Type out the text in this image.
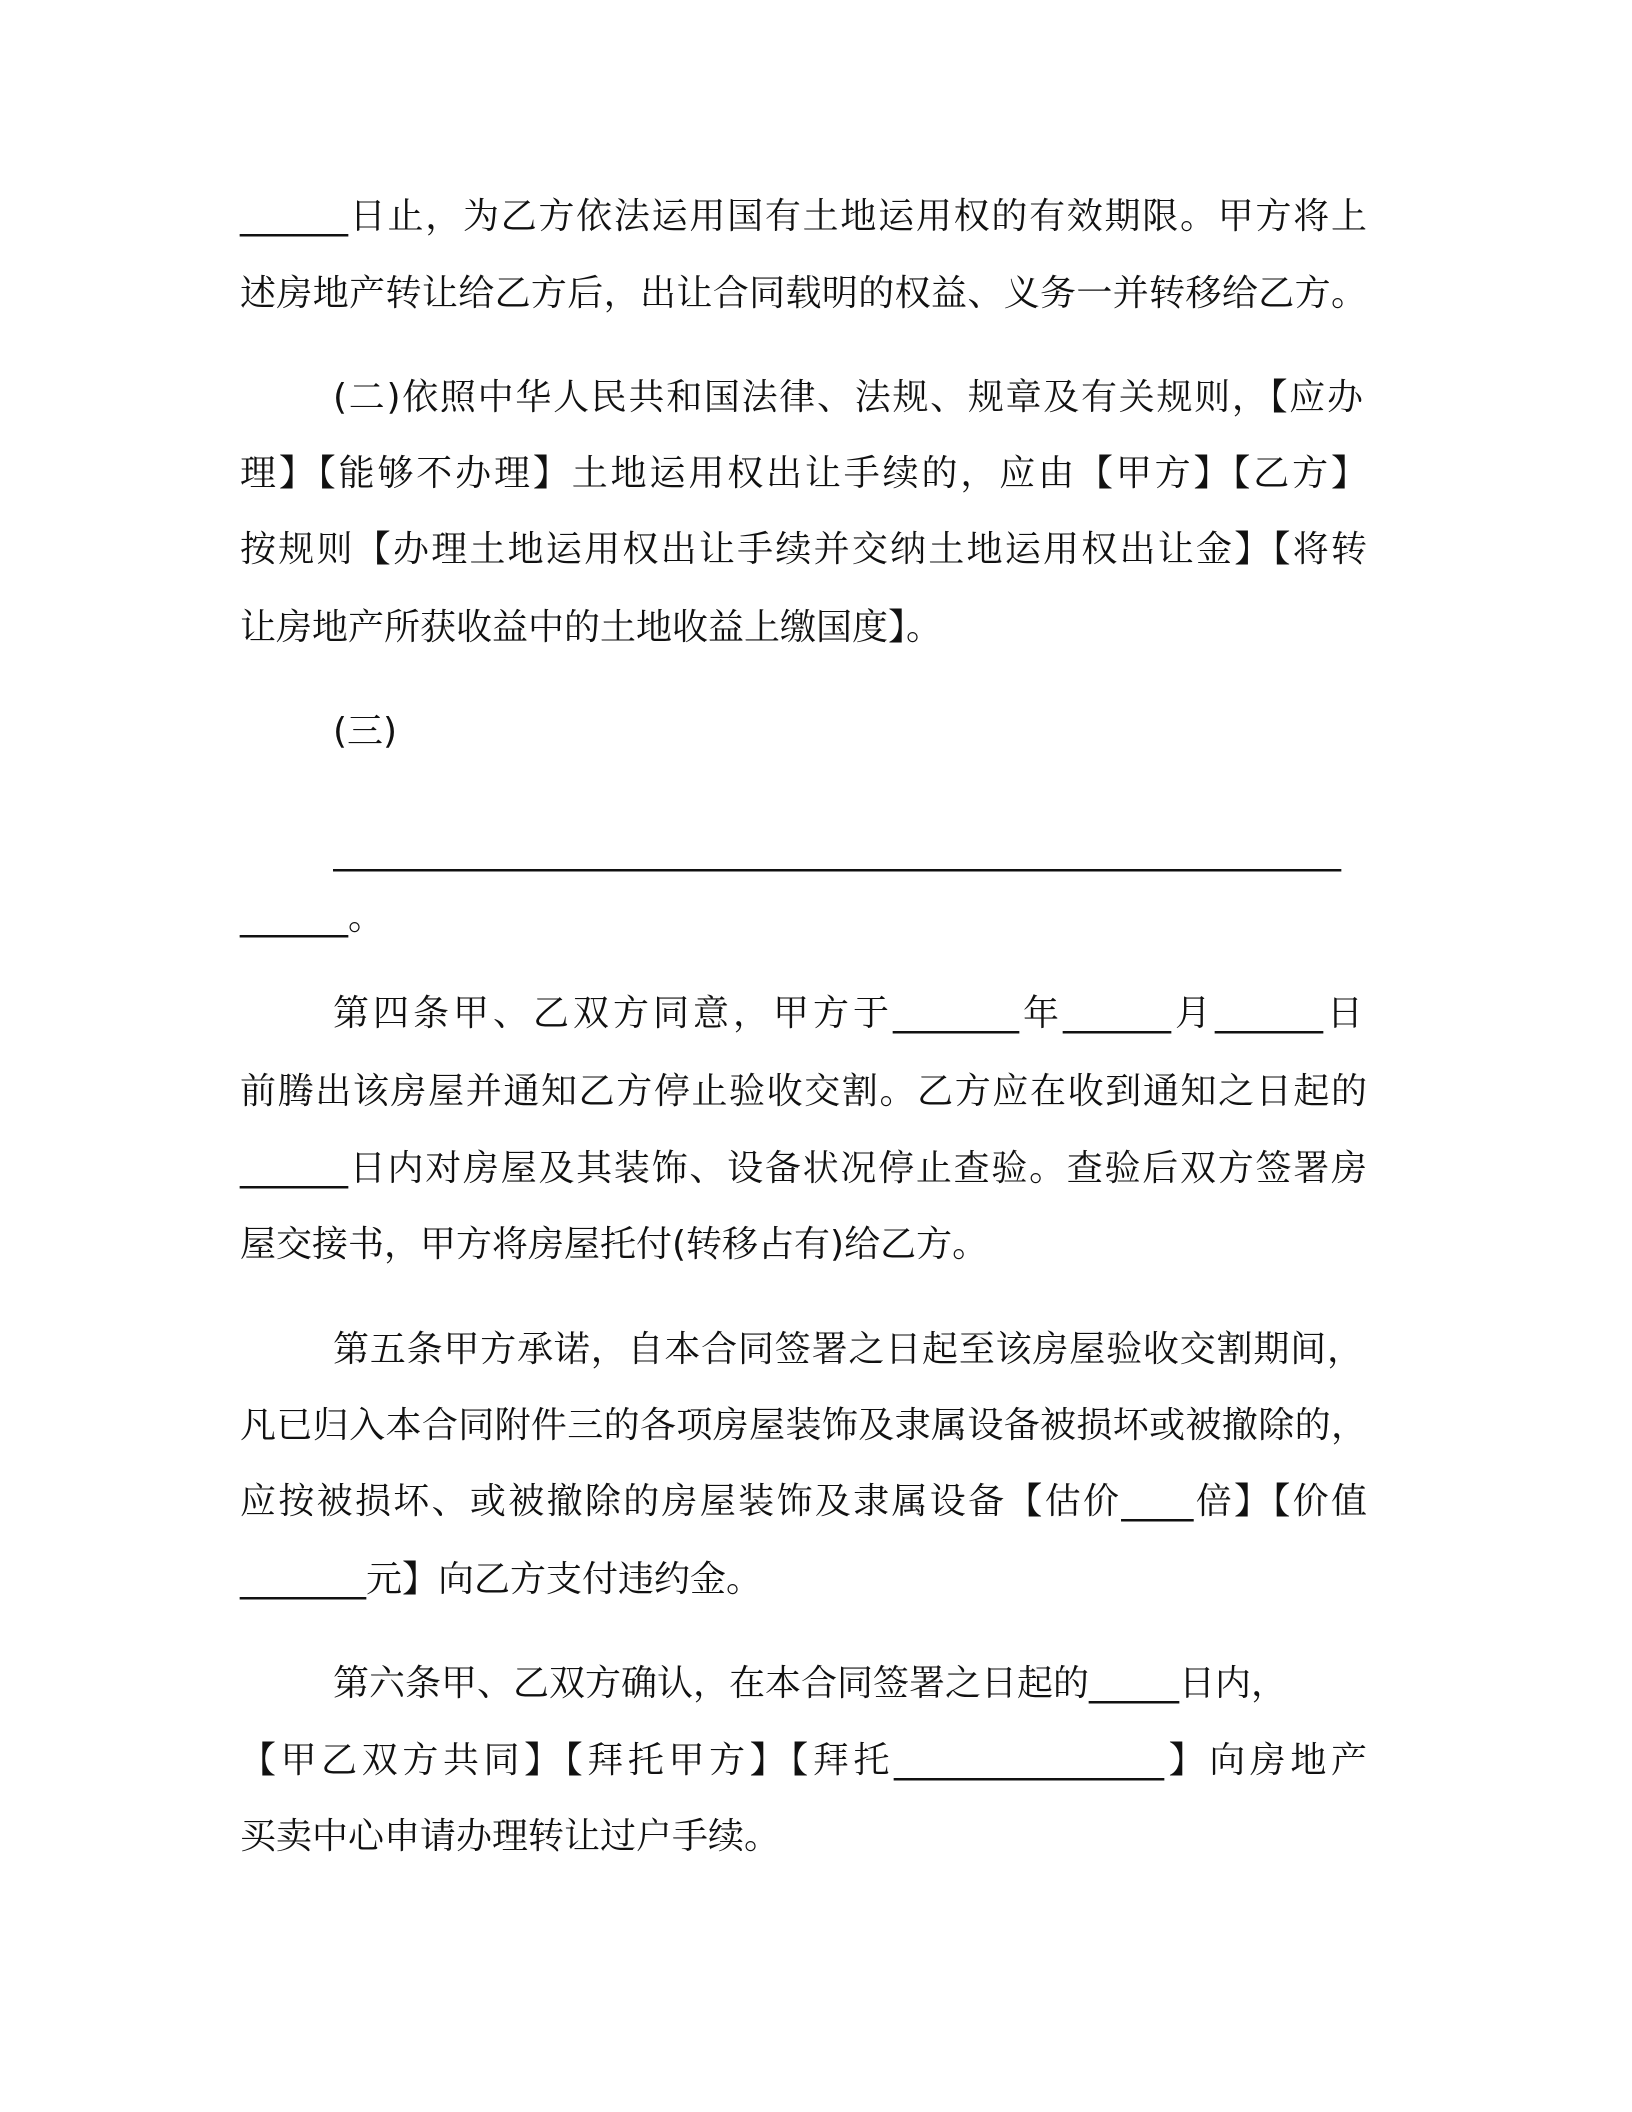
______日止，为乙方依法运用国有土地运用权的有效期限。甲方将上
述房地产转让给乙方后，出让合同载明的权益、义务一并转移给乙方。
(二)依照中华人民共和国法律、法规、规章及有关规则，【应办
理】【能够不办理】土地运用权出让手续的，应由【甲方】【乙方】
按规则【办理土地运用权出让手续并交纳土地运用权出让金】【将转
让房地产所获收益中的土地收益上缴国度】。
(三)
________________________________________________________
______。
第四条甲、乙双方同意，甲方于_______年______月______日
前腾出该房屋并通知乙方停止验收交割。乙方应在收到通知之日起的
______日内对房屋及其装饰、设备状况停止查验。查验后双方签署房
屋交接书，甲方将房屋托付(转移占有)给乙方。
第五条甲方承诺，自本合同签署之日起至该房屋验收交割期间，
凡已归入本合同附件三的各项房屋装饰及隶属设备被损坏或被撤除的，
应按被损坏、或被撤除的房屋装饰及隶属设备【估价____倍】【价值
_______元】向乙方支付违约金。
第六条甲、乙双方确认，在本合同签署之日起的_____日内，
【甲乙双方共同】【拜托甲方】【拜托_______________】向房地产
买卖中心申请办理转让过户手续。
